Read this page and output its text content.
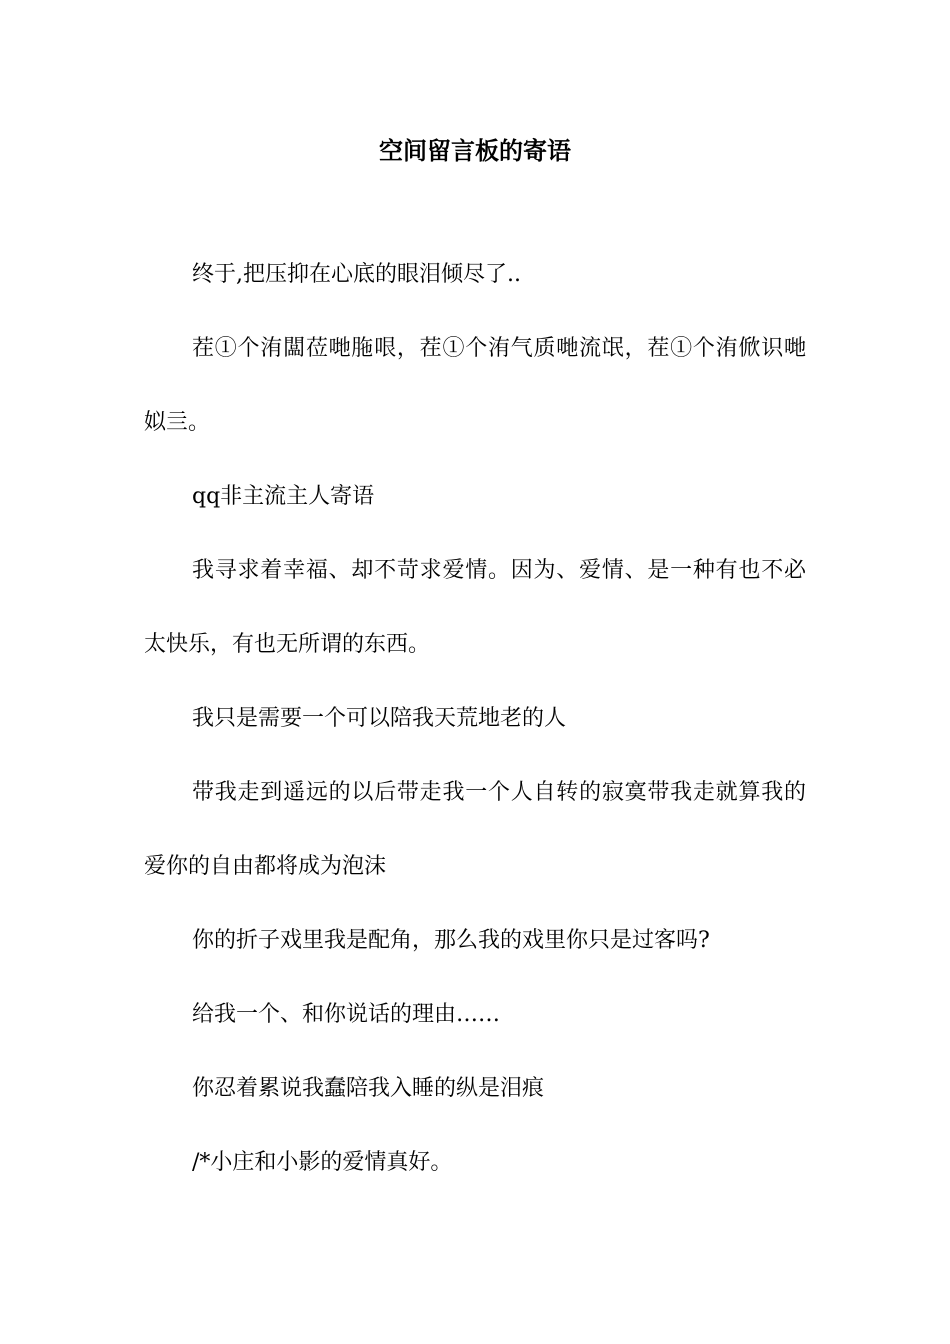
空间留言板的寄语

终于,把压抑在心底的眼泪倾尽了..

茬①个洧闆莅哋胣哏，茬①个洧气质哋流氓，茬①个洧俽识哋姒亖。

qq非主流主人寄语

我寻求着幸福、却不苛求爱情。因为、爱情、是一种有也不必太快乐，有也无所谓的东西。

我只是需要一个可以陪我天荒地老的人

带我走到遥远的以后带走我一个人自转的寂寞带我走就算我的爱你的自由都将成为泡沫

你的折子戏里我是配角，那么我的戏里你只是过客吗?

给我一个、和你说话的理由……

你忍着累说我蠢陪我入睡的纵是泪痕

/*小庄和小影的爱情真好。
